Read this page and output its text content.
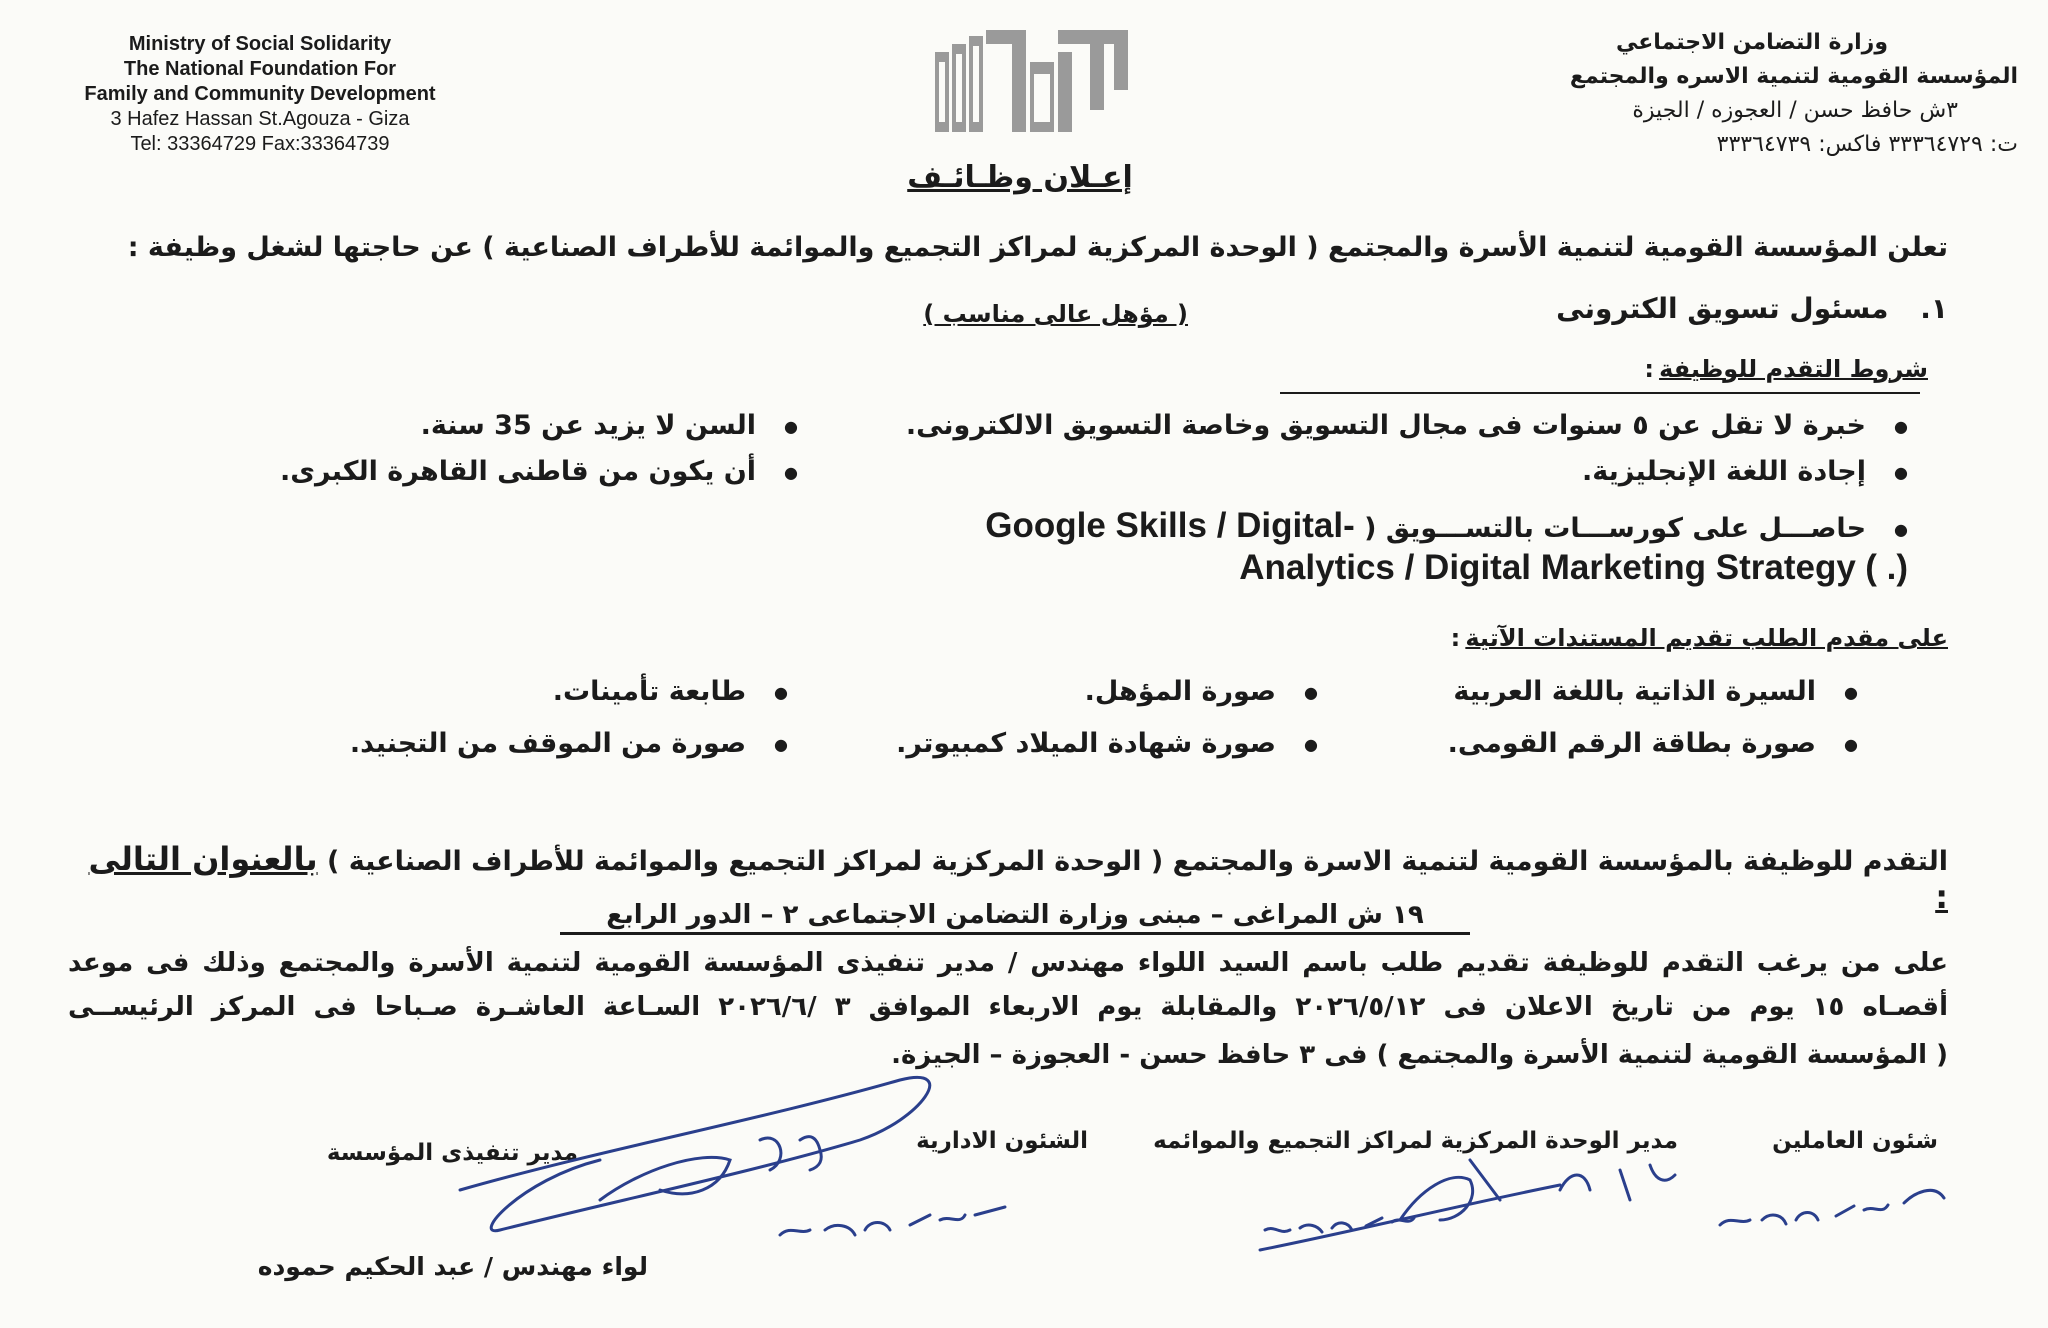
Ministry of Social Solidarity
The National Foundation For
Family and Community Development
3 Hafez Hassan St.Agouza - Giza
Tel: 33364729 Fax:33364739
وزارة التضامن الاجتماعي
المؤسسة القومية لتنمية الاسره والمجتمع
٣ش حافظ حسن / العجوزه / الجيزة
ت: ٣٣٣٦٤٧٢٩ فاكس: ٣٣٣٦٤٧٣٩
إعـلان وظـائـف
تعلن المؤسسة القومية لتنمية الأسرة والمجتمع ( الوحدة المركزية لمراكز التجميع والموائمة للأطراف الصناعية ) عن حاجتها لشغل وظيفة :
١. مسئول تسويق الكترونى
( مؤهل عالى مناسب )
شروط التقدم للوظيفة :
● خبرة لا تقل عن ٥ سنوات فى مجال التسويق وخاصة التسويق الالكترونى.
● إجادة اللغة الإنجليزية.
● السن لا يزيد عن 35 سنة.
● أن يكون من قاطنى القاهرة الكبرى.
● حاصـــل على كورســـات بالتســـويق ( Google Skills / Digital-
Analytics / Digital Marketing Strategy ( .)
على مقدم الطلب تقديم المستندات الآتية :
● السيرة الذاتية باللغة العربية
● صورة بطاقة الرقم القومى.
● صورة المؤهل.
● صورة شهادة الميلاد كمبيوتر.
● طابعة تأمينات.
● صورة من الموقف من التجنيد.
التقدم للوظيفة بالمؤسسة القومية لتنمية الاسرة والمجتمع ( الوحدة المركزية لمراكز التجميع والموائمة للأطراف الصناعية ) بالعنوان التالى :
١٩ ش المراغى – مبنى وزارة التضامن الاجتماعى ٢ – الدور الرابع
على من يرغب التقدم للوظيفة تقديم طلب باسم السيد اللواء مهندس / مدير تنفيذى المؤسسة القومية لتنمية الأسرة والمجتمع وذلك فى موعد
أقصـاه ١٥ يوم من تاريخ الاعلان فى ٢٠٢٦/٥/١٢ والمقابلة يوم الاربعاء الموافق ٣ /٢٠٢٦/٦ السـاعة العاشـرة صـباحا فى المركز الرئيســى
( المؤسسة القومية لتنمية الأسرة والمجتمع ) فى ٣ حافظ حسن - العجوزة – الجيزة.
شئون العاملين
مدير الوحدة المركزية لمراكز التجميع والموائمه
الشئون الادارية
مدير تنفيذى المؤسسة
لواء مهندس / عبد الحكيم حموده
